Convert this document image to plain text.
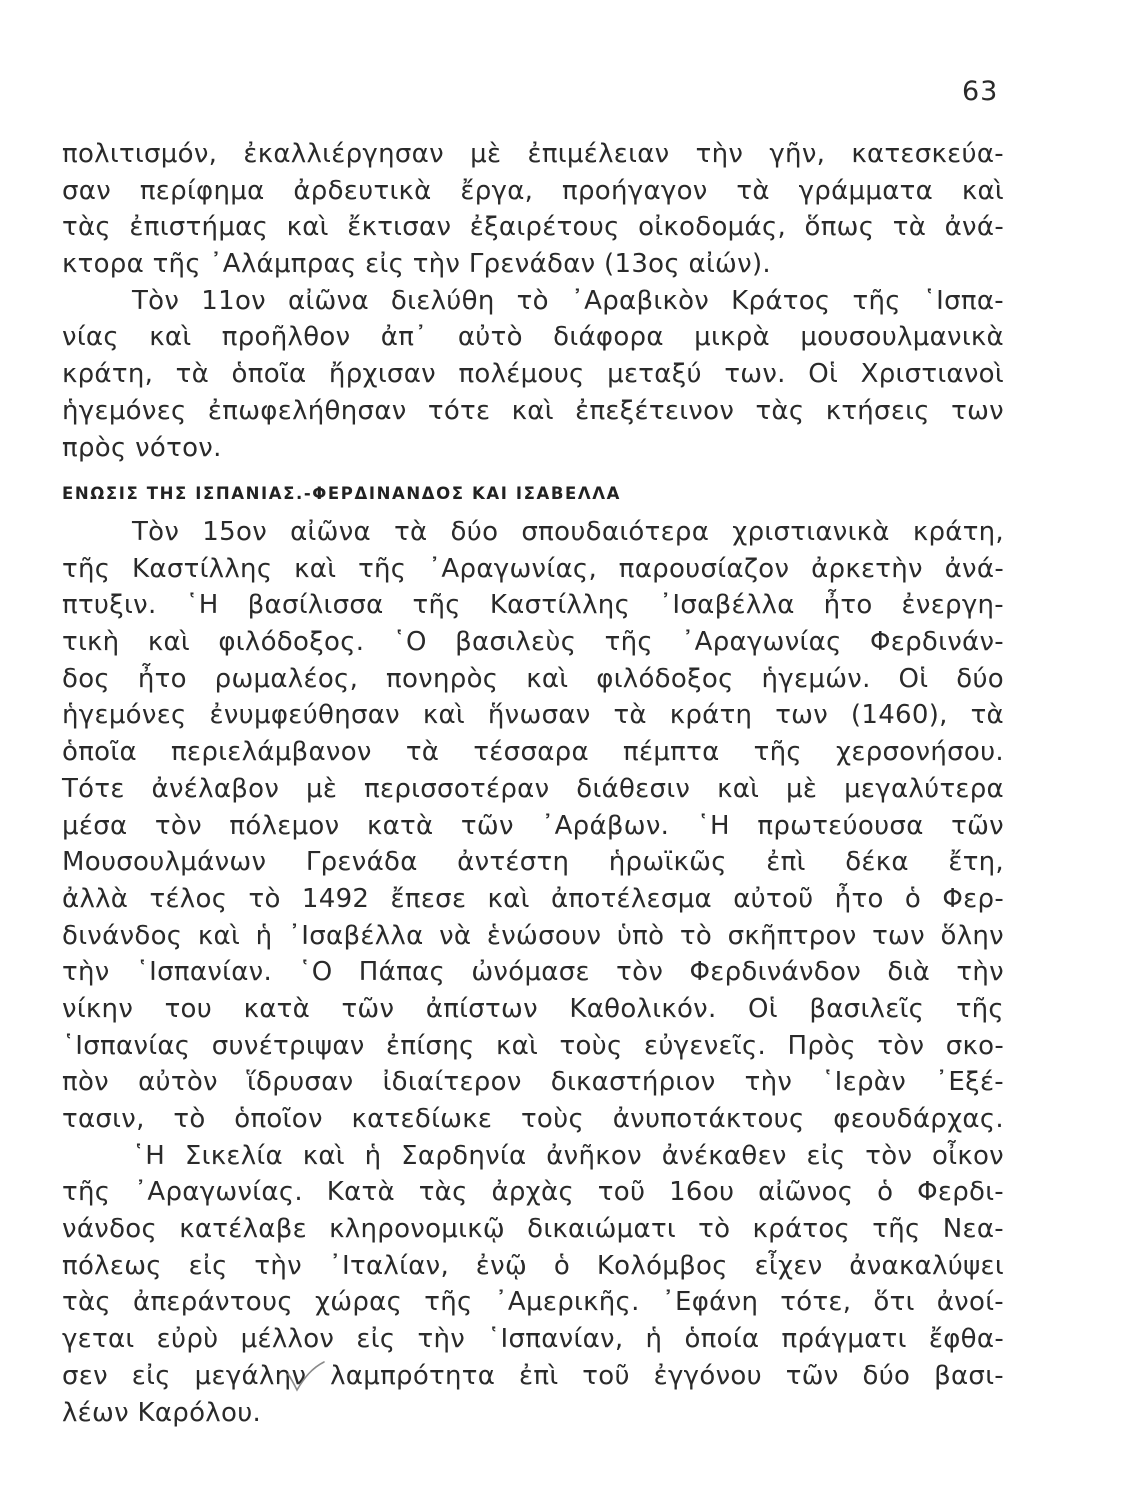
63
πολιτισμόν, ἐκαλλιέργησαν μὲ ἐπιμέλειαν τὴν γῆν, κατεσκεύα-
σαν περίφημα ἀρδευτικὰ ἔργα, προήγαγον τὰ γράμματα καὶ
τὰς ἐπιστήμας καὶ ἔκτισαν ἐξαιρέτους οἰκοδομάς, ὅπως τὰ ἀνά-
κτορα τῆς ᾿Αλάμπρας εἰς τὴν Γρενάδαν (13ος αἰών).
Τὸν 11ον αἰῶνα διελύθη τὸ ᾿Αραβικὸν Κράτος τῆς ῾Ισπα-
νίας καὶ προῆλθον ἀπ᾿ αὐτὸ διάφορα μικρὰ μουσουλμανικὰ
κράτη, τὰ ὁποῖα ἤρχισαν πολέμους μεταξύ των. Οἱ Χριστιανοὶ
ἡγεμόνες ἐπωφελήθησαν τότε καὶ ἐπεξέτεινον τὰς κτήσεις των
πρὸς νότον.
ΕΝΩΣΙΣ ΤΗΣ ΙΣΠΑΝΙΑΣ.-ΦΕΡΔΙΝΑΝΔΟΣ ΚΑΙ ΙΣΑΒΕΛΛΑ
Τὸν 15ον αἰῶνα τὰ δύο σπουδαιότερα χριστιανικὰ κράτη,
τῆς Καστίλλης καὶ τῆς ᾿Αραγωνίας, παρουσίαζον ἀρκετὴν ἀνά-
πτυξιν. ῾Η βασίλισσα τῆς Καστίλλης ᾿Ισαβέλλα ἦτο ἐνεργη-
τικὴ καὶ φιλόδοξος. ῾Ο βασιλεὺς τῆς ᾿Αραγωνίας Φερδινάν-
δος ἦτο ρωμαλέος, πονηρὸς καὶ φιλόδοξος ἡγεμών. Οἱ δύο
ἡγεμόνες ἐνυμφεύθησαν καὶ ἥνωσαν τὰ κράτη των (1460), τὰ
ὁποῖα περιελάμβανον τὰ τέσσαρα πέμπτα τῆς χερσονήσου.
Τότε ἀνέλαβον μὲ περισσοτέραν διάθεσιν καὶ μὲ μεγαλύτερα
μέσα τὸν πόλεμον κατὰ τῶν ᾿Αράβων. ῾Η πρωτεύουσα τῶν
Μουσουλμάνων Γρενάδα ἀντέστη ἡρωϊκῶς ἐπὶ δέκα ἔτη,
ἀλλὰ τέλος τὸ 1492 ἔπεσε καὶ ἀποτέλεσμα αὐτοῦ ἦτο ὁ Φερ-
δινάνδος καὶ ἡ ᾿Ισαβέλλα νὰ ἑνώσουν ὑπὸ τὸ σκῆπτρον των ὅλην
τὴν ῾Ισπανίαν. ῾Ο Πάπας ὠνόμασε τὸν Φερδινάνδον διὰ τὴν
νίκην του κατὰ τῶν ἀπίστων Καθολικόν. Οἱ βασιλεῖς τῆς
῾Ισπανίας συνέτριψαν ἐπίσης καὶ τοὺς εὐγενεῖς. Πρὸς τὸν σκο-
πὸν αὐτὸν ἵδρυσαν ἰδιαίτερον δικαστήριον τὴν ῾Ιερὰν ᾿Εξέ-
τασιν, τὸ ὁποῖον κατεδίωκε τοὺς ἀνυποτάκτους φεουδάρχας.
῾Η Σικελία καὶ ἡ Σαρδηνία ἀνῆκον ἀνέκαθεν εἰς τὸν οἶκον
τῆς ᾿Αραγωνίας. Κατὰ τὰς ἀρχὰς τοῦ 16ου αἰῶνος ὁ Φερδι-
νάνδος κατέλαβε κληρονομικῷ δικαιώματι τὸ κράτος τῆς Νεα-
πόλεως εἰς τὴν ᾿Ιταλίαν, ἐνῷ ὁ Κολόμβος εἶχεν ἀνακαλύψει
τὰς ἀπεράντους χώρας τῆς ᾿Αμερικῆς. ᾿Εφάνη τότε, ὅτι ἀνοί-
γεται εὐρὺ μέλλον εἰς τὴν ῾Ισπανίαν, ἡ ὁποία πράγματι ἔφθα-
σεν εἰς μεγάλην λαμπρότητα ἐπὶ τοῦ ἐγγόνου τῶν δύο βασι-
λέων Καρόλου.
